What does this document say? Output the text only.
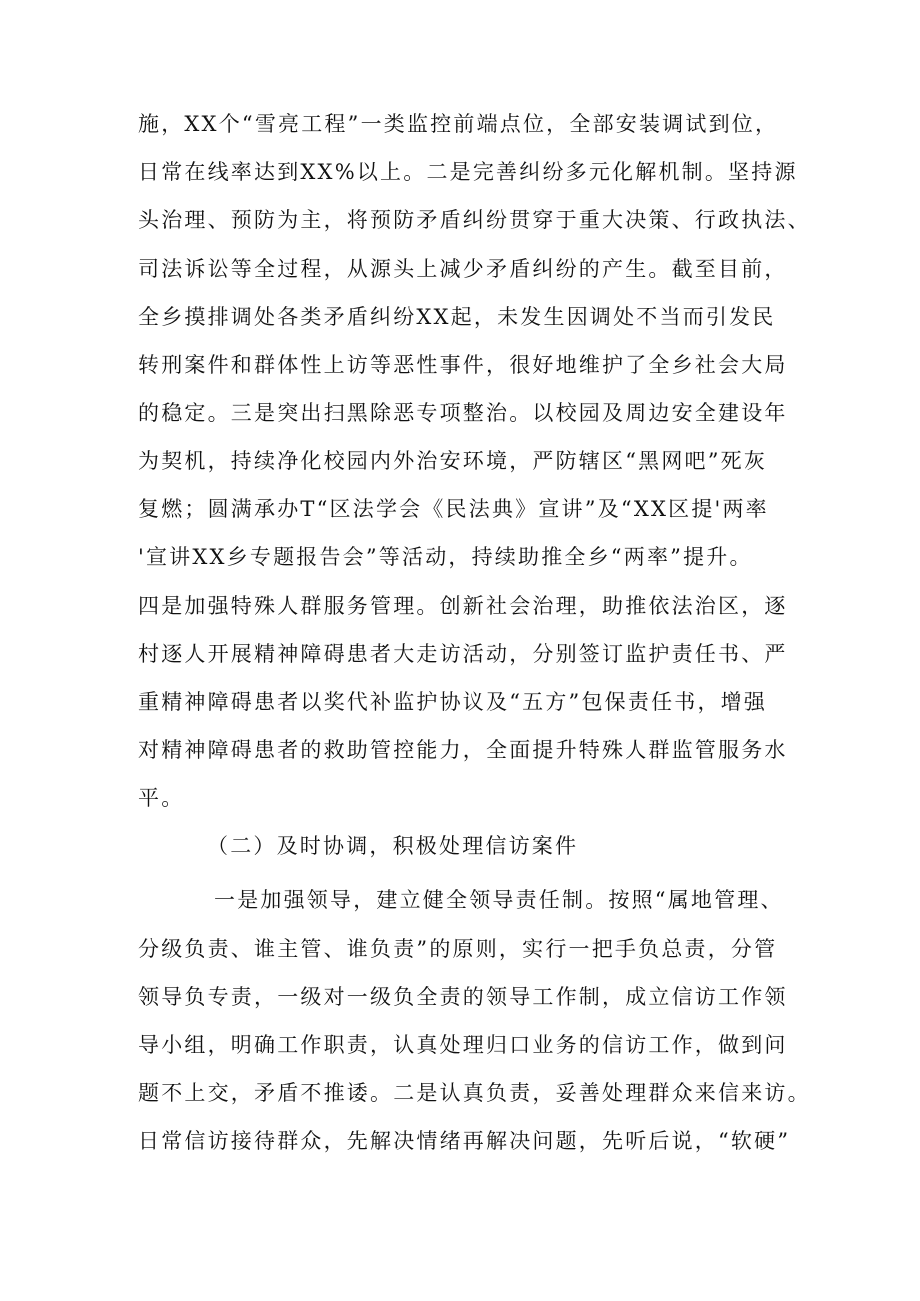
施，XX个“雪亮工程”一类监控前端点位，全部安装调试到位，
日常在线率达到XX%以上。二是完善纠纷多元化解机制。坚持源
头治理、预防为主，将预防矛盾纠纷贯穿于重大决策、行政执法、
司法诉讼等全过程，从源头上减少矛盾纠纷的产生。截至目前，
全乡摸排调处各类矛盾纠纷XX起，未发生因调处不当而引发民
转刑案件和群体性上访等恶性事件，很好地维护了全乡社会大局
的稳定。三是突出扫黑除恶专项整治。以校园及周边安全建设年
为契机，持续净化校园内外治安环境，严防辖区“黑网吧”死灰
复燃；圆满承办T“区法学会《民法典》宣讲”及“XX区提'两率
'宣讲XX乡专题报告会”等活动，持续助推全乡“两率”提升。
四是加强特殊人群服务管理。创新社会治理，助推依法治区，逐
村逐人开展精神障碍患者大走访活动，分别签订监护责任书、严
重精神障碍患者以奖代补监护协议及“五方”包保责任书，增强
对精神障碍患者的救助管控能力，全面提升特殊人群监管服务水
平。
（二）及时协调，积极处理信访案件
一是加强领导，建立健全领导责任制。按照“属地管理、
分级负责、谁主管、谁负责”的原则，实行一把手负总责，分管
领导负专责，一级对一级负全责的领导工作制，成立信访工作领
导小组，明确工作职责，认真处理归口业务的信访工作，做到问
题不上交，矛盾不推诿。二是认真负责，妥善处理群众来信来访。
日常信访接待群众，先解决情绪再解决问题，先听后说，“软硬”
